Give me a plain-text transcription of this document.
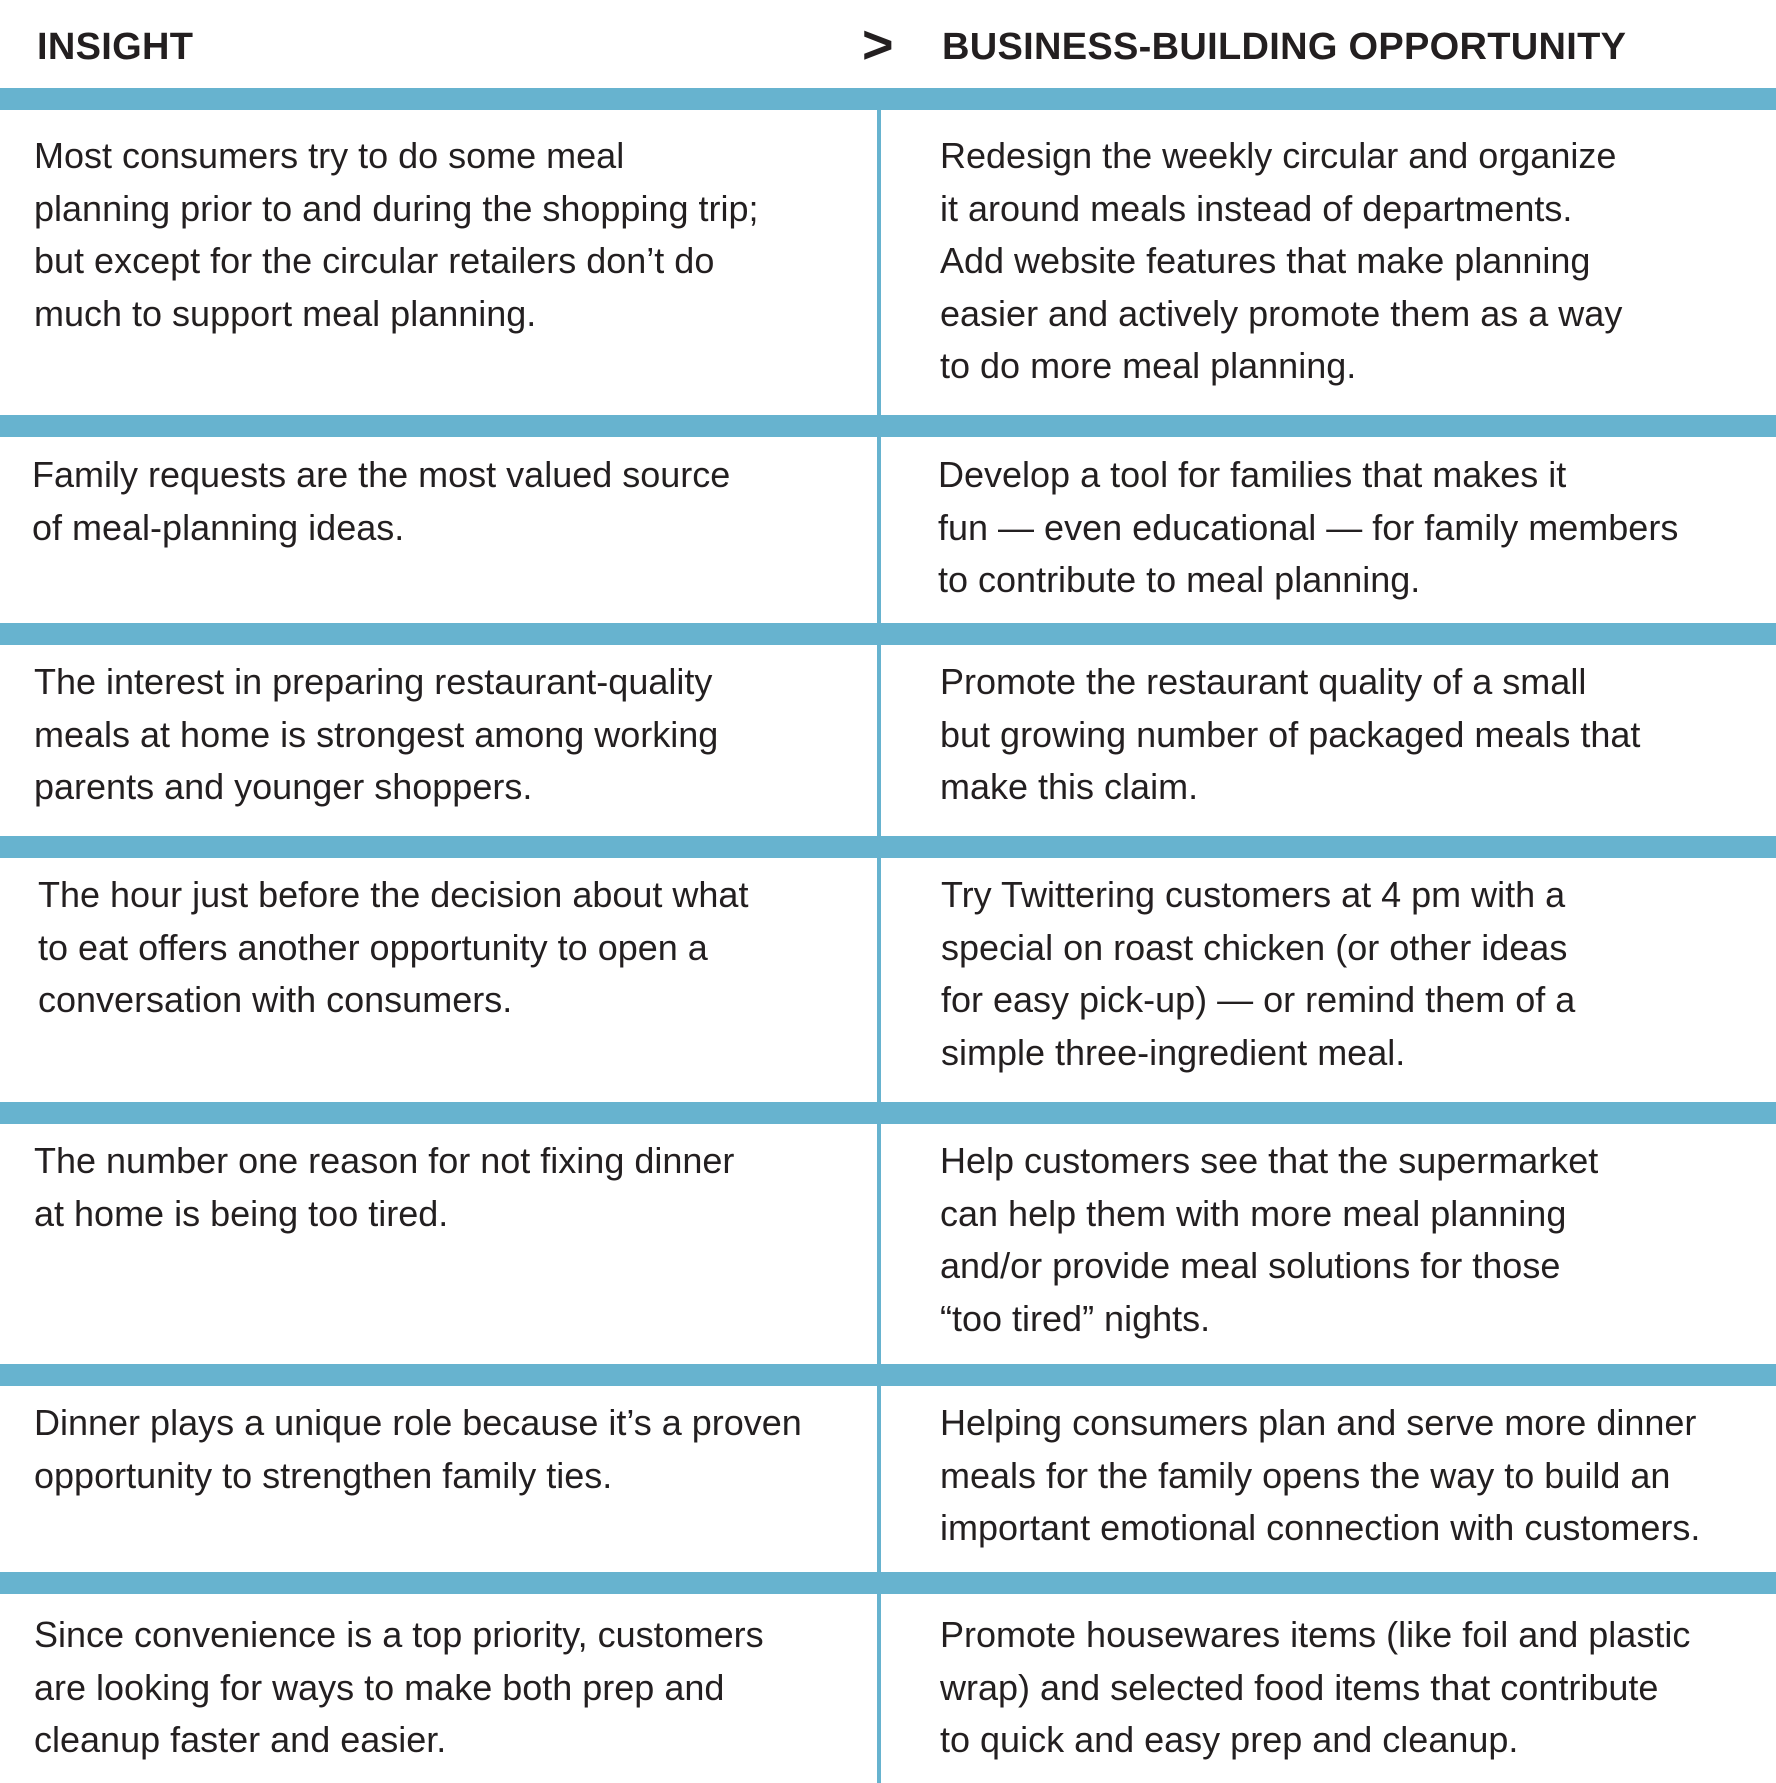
INSIGHT	> BUSINESS-BUILDING OPPORTUNITY
Most consumers try to do some meal
planning prior to and during the shopping trip;
but except for the circular retailers don’t do
much to support meal planning.
Redesign the weekly circular and organize
it around meals instead of departments.
Add website features that make planning
easier and actively promote them as a way
to do more meal planning.
Family requests are the most valued source
of meal-planning ideas.
Develop a tool for families that makes it
fun — even educational — for family members
to contribute to meal planning.
The interest in preparing restaurant-quality
meals at home is strongest among working
parents and younger shoppers.
Promote the restaurant quality of a small
but growing number of packaged meals that
make this claim.
The hour just before the decision about what
to eat offers another opportunity to open a
conversation with consumers.
Try Twittering customers at 4 pm with a
special on roast chicken (or other ideas
for easy pick-up) — or remind them of a
simple three-ingredient meal.
The number one reason for not fixing dinner
at home is being too tired.
Help customers see that the supermarket
can help them with more meal planning
and/or provide meal solutions for those
“too tired” nights.
Dinner plays a unique role because it’s a proven
opportunity to strengthen family ties.
Helping consumers plan and serve more dinner
meals for the family opens the way to build an
important emotional connection with customers.
Since convenience is a top priority, customers
are looking for ways to make both prep and
cleanup faster and easier.
Promote housewares items (like foil and plastic
wrap) and selected food items that contribute
to quick and easy prep and cleanup.
